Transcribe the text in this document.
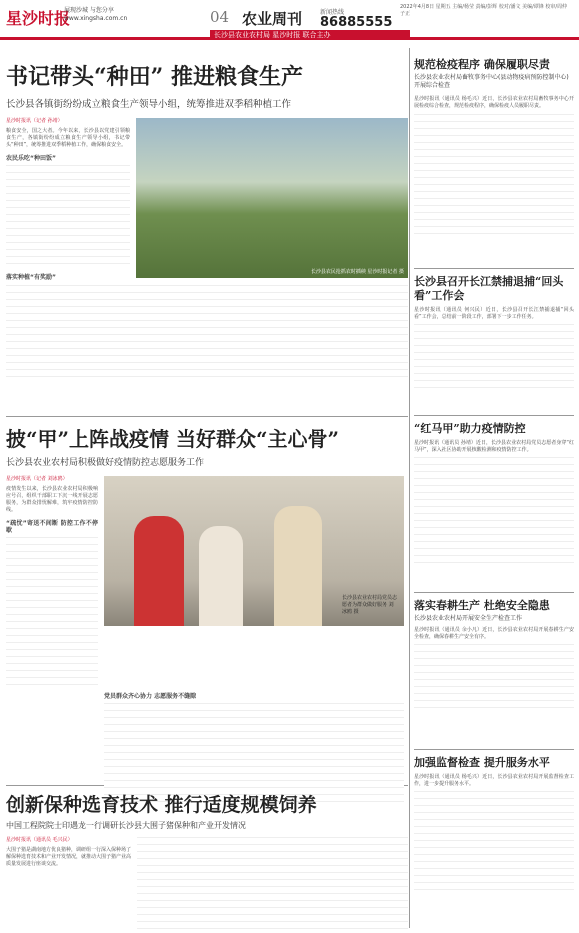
星沙时报
展现沙城 与您分享 www.xingsha.com.cn	04 农业周刊	新闻热线
86885555
2022年4月8日 星期五 主编/杨莹 责编/彭辉 校对/潘文 美编/谭锋 校审/周仲 子正
长沙县农业农村局 星沙时报 联合主办
书记带头“种田” 推进粮食生产
长沙县各镇街纷纷成立粮食生产领导小组，统筹推进双季稻种植工作
星沙时报讯（记者 孙靖）
粮食安全，国之大者。今年以来，长沙县以党建引领粮食生产，各镇街纷纷成立粮食生产领导小组，书记带头“种田”，统筹推进双季稻种植工作，确保粮食安全。
农民乐吃“种田饭”
落实种植“有奖励”
长沙县农民抢抓农时插秧 星沙时报记者 摄
披“甲”上阵战疫情 当好群众“主心骨”
长沙县农业农村局积极做好疫情防控志愿服务工作
星沙时报讯（记者 刘冰鸥）
疫情发生以来，长沙县农业农村局积极响应号召，组织干部职工下沉一线开展志愿服务，为群众排忧解难，筑牢疫情防控防线。
“疏忧”寄送不间断 防控工作不停歇
长沙县农业农村局党员志愿者为群众做好服务 刘冰鸥 摄
党员群众齐心协力 志愿服务不缝隙
创新保种选育技术 推行适度规模饲养
中国工程院院士印遇龙一行调研长沙县大围子猪保种和产业开发情况
星沙时报讯（通讯员 毛兴民）
大围子猪是湖南地方优良猪种，调研组一行深入保种场了解保种选育技术和产业开发情况，就推动大围子猪产业高质量发展进行座谈交流。
规范检疫程序 确保履职尽责
长沙县农业农村局畜牧事务中心(县动物疫病预防控制中心)开展综合检查
星沙时报讯（通讯员 杨毛兴）近日，长沙县农业农村局畜牧事务中心开展检疫综合检查，规范检疫程序，确保检疫人员履职尽责。
长沙县召开长江禁捕退捕“回头看”工作会
星沙时报讯（通讯员 何兴民）近日，长沙县召开长江禁捕退捕“回头看”工作会，总结前一阶段工作，部署下一步工作任务。
“红马甲”助力疫情防控
星沙时报讯（通讯员 孙靖）近日，长沙县农业农村局党员志愿者身穿“红马甲”，深入社区协助开展核酸检测和疫情防控工作。
落实春耕生产 杜绝安全隐患
长沙县农业农村局开展安全生产检查工作
星沙时报讯（通讯员 余小凡）近日，长沙县农业农村局开展春耕生产安全检查，确保春耕生产安全有序。
加强监督检查 提升服务水平
星沙时报讯（通讯员 杨毛兴）近日，长沙县农业农村局开展监督检查工作，进一步提升服务水平。
